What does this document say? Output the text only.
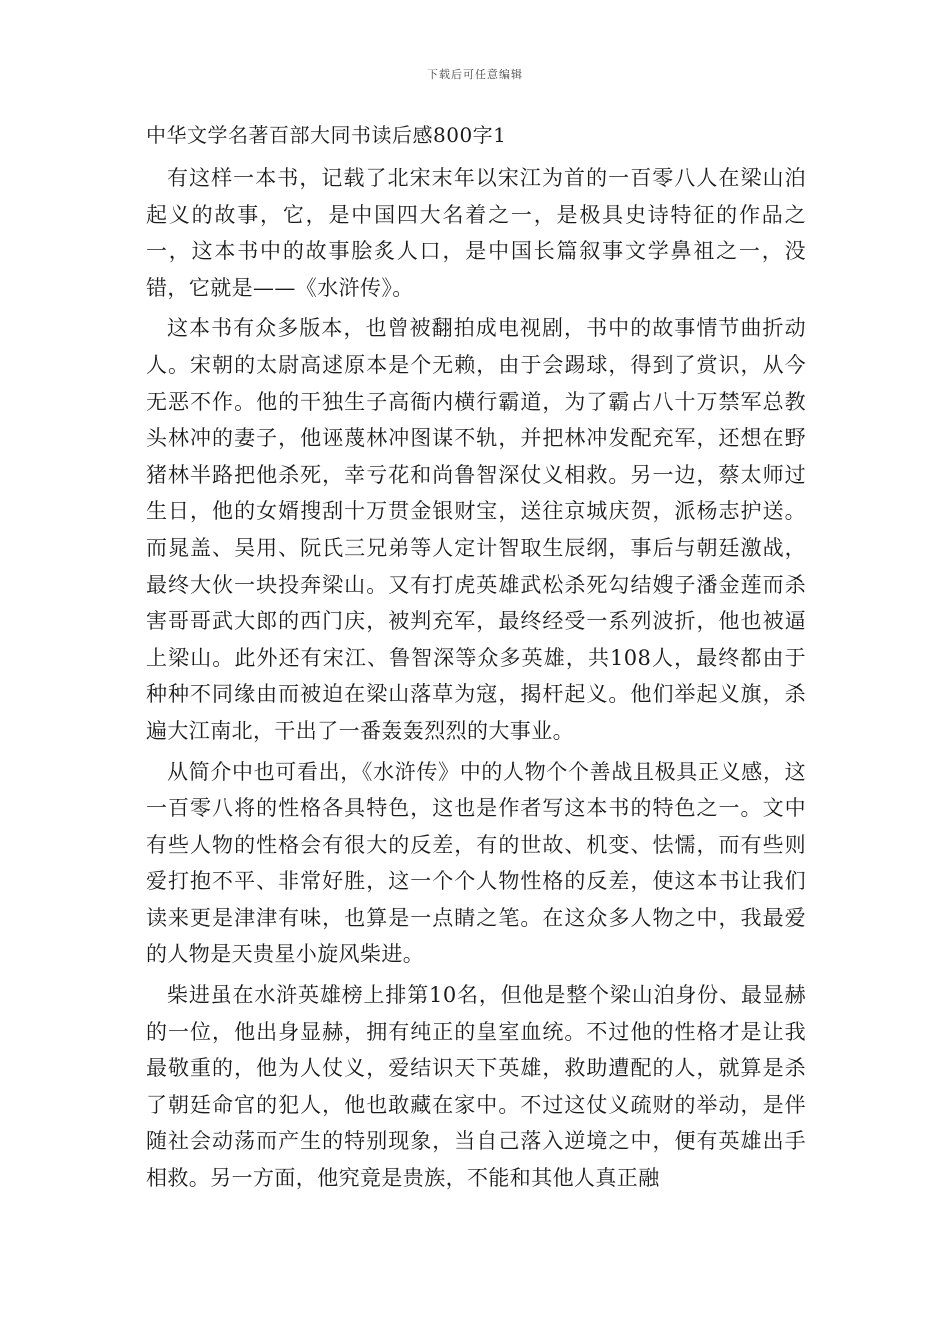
下载后可任意编辑
中华文学名著百部大同书读后感800字1

有这样一本书，记载了北宋末年以宋江为首的一百零八人在梁山泊起义的故事，它，是中国四大名着之一，是极具史诗特征的作品之一，这本书中的故事脍炙人口，是中国长篇叙事文学鼻祖之一，没错，它就是——《水浒传》。

这本书有众多版本，也曾被翻拍成电视剧，书中的故事情节曲折动人。宋朝的太尉高逑原本是个无赖，由于会踢球，得到了赏识，从今无恶不作。他的干独生子高衙内横行霸道，为了霸占八十万禁军总教头林冲的妻子，他诬蔑林冲图谋不轨，并把林冲发配充军，还想在野猪林半路把他杀死，幸亏花和尚鲁智深仗义相救。另一边，蔡太师过生日，他的女婿搜刮十万贯金银财宝，送往京城庆贺，派杨志护送。而晁盖、吴用、阮氏三兄弟等人定计智取生辰纲，事后与朝廷激战，最终大伙一块投奔梁山。又有打虎英雄武松杀死勾结嫂子潘金莲而杀害哥哥武大郎的西门庆，被判充军，最终经受一系列波折，他也被逼上梁山。此外还有宋江、鲁智深等众多英雄，共108人，最终都由于种种不同缘由而被迫在梁山落草为寇，揭杆起义。他们举起义旗，杀遍大江南北，干出了一番轰轰烈烈的大事业。

从简介中也可看出，《水浒传》中的人物个个善战且极具正义感，这一百零八将的性格各具特色，这也是作者写这本书的特色之一。文中有些人物的性格会有很大的反差，有的世故、机变、怯懦，而有些则爱打抱不平、非常好胜，这一个个人物性格的反差，使这本书让我们读来更是津津有味，也算是一点睛之笔。在这众多人物之中，我最爱的人物是天贵星小旋风柴进。

柴进虽在水浒英雄榜上排第10名，但他是整个梁山泊身份、最显赫的一位，他出身显赫，拥有纯正的皇室血统。不过他的性格才是让我最敬重的，他为人仗义，爱结识天下英雄，救助遭配的人，就算是杀了朝廷命官的犯人，他也敢藏在家中。不过这仗义疏财的举动，是伴随社会动荡而产生的特别现象，当自己落入逆境之中，便有英雄出手相救。另一方面，他究竟是贵族，不能和其他人真正融
